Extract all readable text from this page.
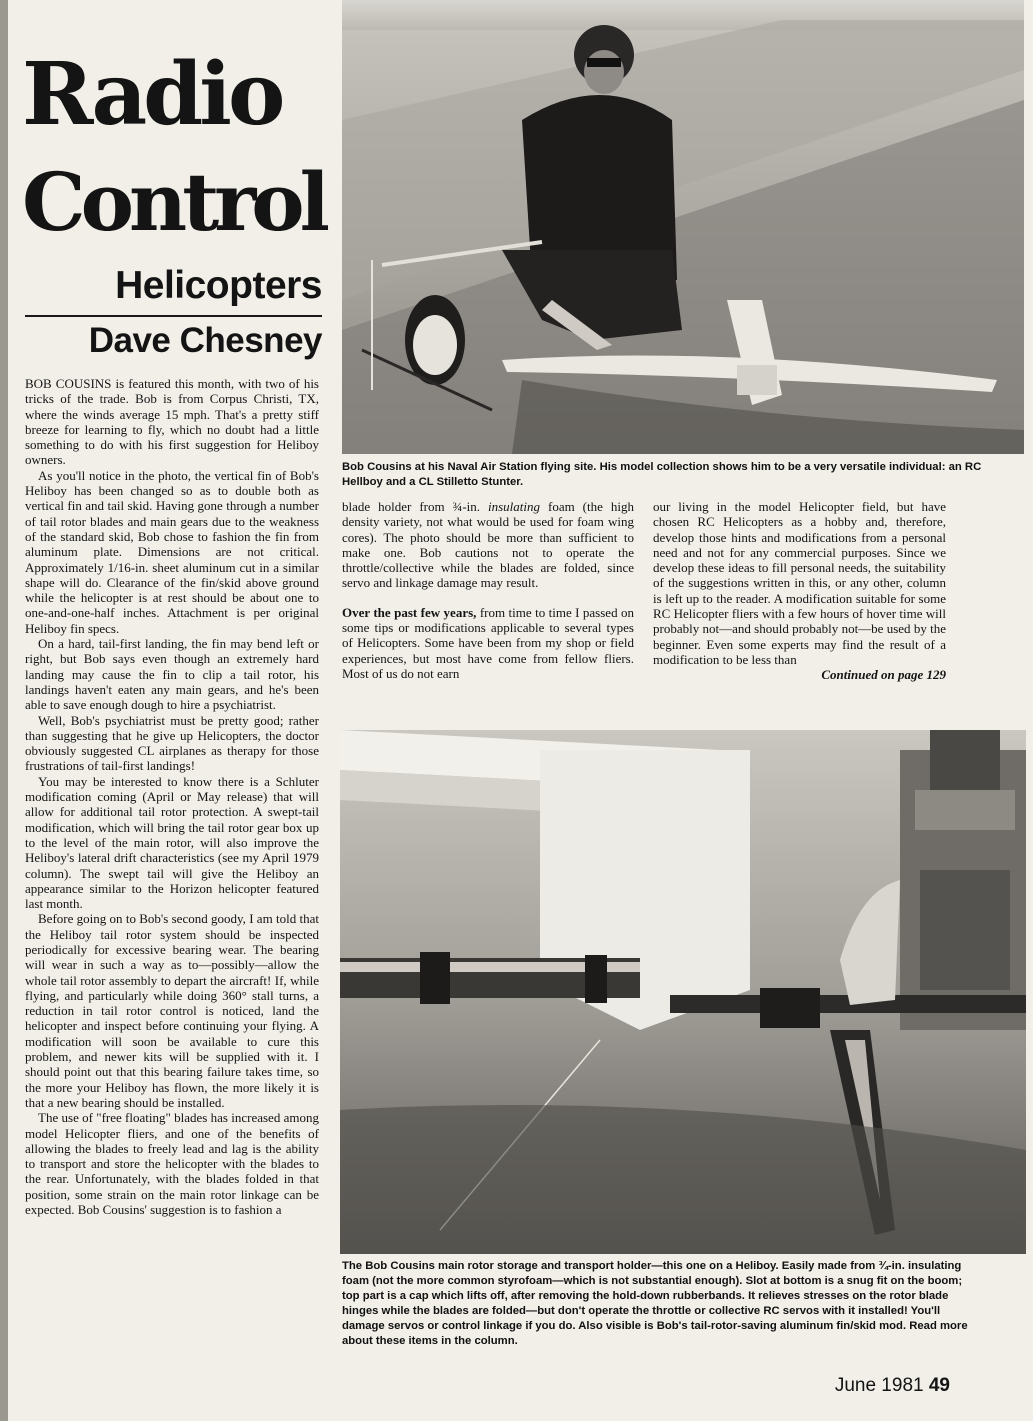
Radio
Control
Helicopters
Dave Chesney

BOB COUSINS is featured this month, with two of his tricks of the trade. Bob is from Corpus Christi, TX, where the winds average 15 mph. That's a pretty stiff breeze for learning to fly, which no doubt had a little something to do with his first suggestion for Heliboy owners.

As you'll notice in the photo, the vertical fin of Bob's Heliboy has been changed so as to double both as vertical fin and tail skid. Having gone through a number of tail rotor blades and main gears due to the weakness of the standard skid, Bob chose to fashion the fin from aluminum plate. Dimensions are not critical. Approximately 1/16-in. sheet aluminum cut in a similar shape will do. Clearance of the fin/skid above ground while the helicopter is at rest should be about one to one-and-one-half inches. Attachment is per original Heliboy fin specs.

On a hard, tail-first landing, the fin may bend left or right, but Bob says even though an extremely hard landing may cause the fin to clip a tail rotor, his landings haven't eaten any main gears, and he's been able to save enough dough to hire a psychiatrist.

Well, Bob's psychiatrist must be pretty good; rather than suggesting that he give up Helicopters, the doctor obviously suggested CL airplanes as therapy for those frustrations of tail-first landings!

You may be interested to know there is a Schluter modification coming (April or May release) that will allow for additional tail rotor protection. A swept-tail modification, which will bring the tail rotor gear box up to the level of the main rotor, will also improve the Heliboy's lateral drift characteristics (see my April 1979 column). The swept tail will give the Heliboy an appearance similar to the Horizon helicopter featured last month.

Before going on to Bob's second goody, I am told that the Heliboy tail rotor system should be inspected periodically for excessive bearing wear. The bearing will wear in such a way as to—possibly—allow the whole tail rotor assembly to depart the aircraft! If, while flying, and particularly while doing 360° stall turns, a reduction in tail rotor control is noticed, land the helicopter and inspect before continuing your flying. A modification will soon be available to cure this problem, and newer kits will be supplied with it. I should point out that this bearing failure takes time, so the more your Heliboy has flown, the more likely it is that a new bearing should be installed.

The use of "free floating" blades has increased among model Helicopter fliers, and one of the benefits of allowing the blades to freely lead and lag is the ability to transport and store the helicopter with the blades to the rear. Unfortunately, with the blades folded in that position, some strain on the main rotor linkage can be expected. Bob Cousins' suggestion is to fashion a

Bob Cousins at his Naval Air Station flying site. His model collection shows him to be a very versatile individual: an RC Hellboy and a CL Stilletto Stunter.

blade holder from ¾-in. insulating foam (the high density variety, not what would be used for foam wing cores). The photo should be more than sufficient to make one. Bob cautions not to operate the throttle/collective while the blades are folded, since servo and linkage damage may result.

Over the past few years, from time to time I passed on some tips or modifications applicable to several types of Helicopters. Some have been from my shop or field experiences, but most have come from fellow fliers. Most of us do not earn

our living in the model Helicopter field, but have chosen RC Helicopters as a hobby and, therefore, develop those hints and modifications from a personal need and not for any commercial purposes. Since we develop these ideas to fill personal needs, the suitability of the suggestions written in this, or any other, column is left up to the reader. A modification suitable for some RC Helicopter fliers with a few hours of hover time will probably not—and should probably not—be used by the beginner. Even some experts may find the result of a modification to be less than

Continued on page 129

The Bob Cousins main rotor storage and transport holder—this one on a Heliboy. Easily made from ¾-in. insulating foam (not the more common styrofoam—which is not substantial enough). Slot at bottom is a snug fit on the boom; top part is a cap which lifts off, after removing the hold-down rubberbands. It relieves stresses on the rotor blade hinges while the blades are folded—but don't operate the throttle or collective RC servos with it installed! You'll damage servos or control linkage if you do. Also visible is Bob's tail-rotor-saving aluminum fin/skid mod. Read more about these items in the column.
June 1981 49
